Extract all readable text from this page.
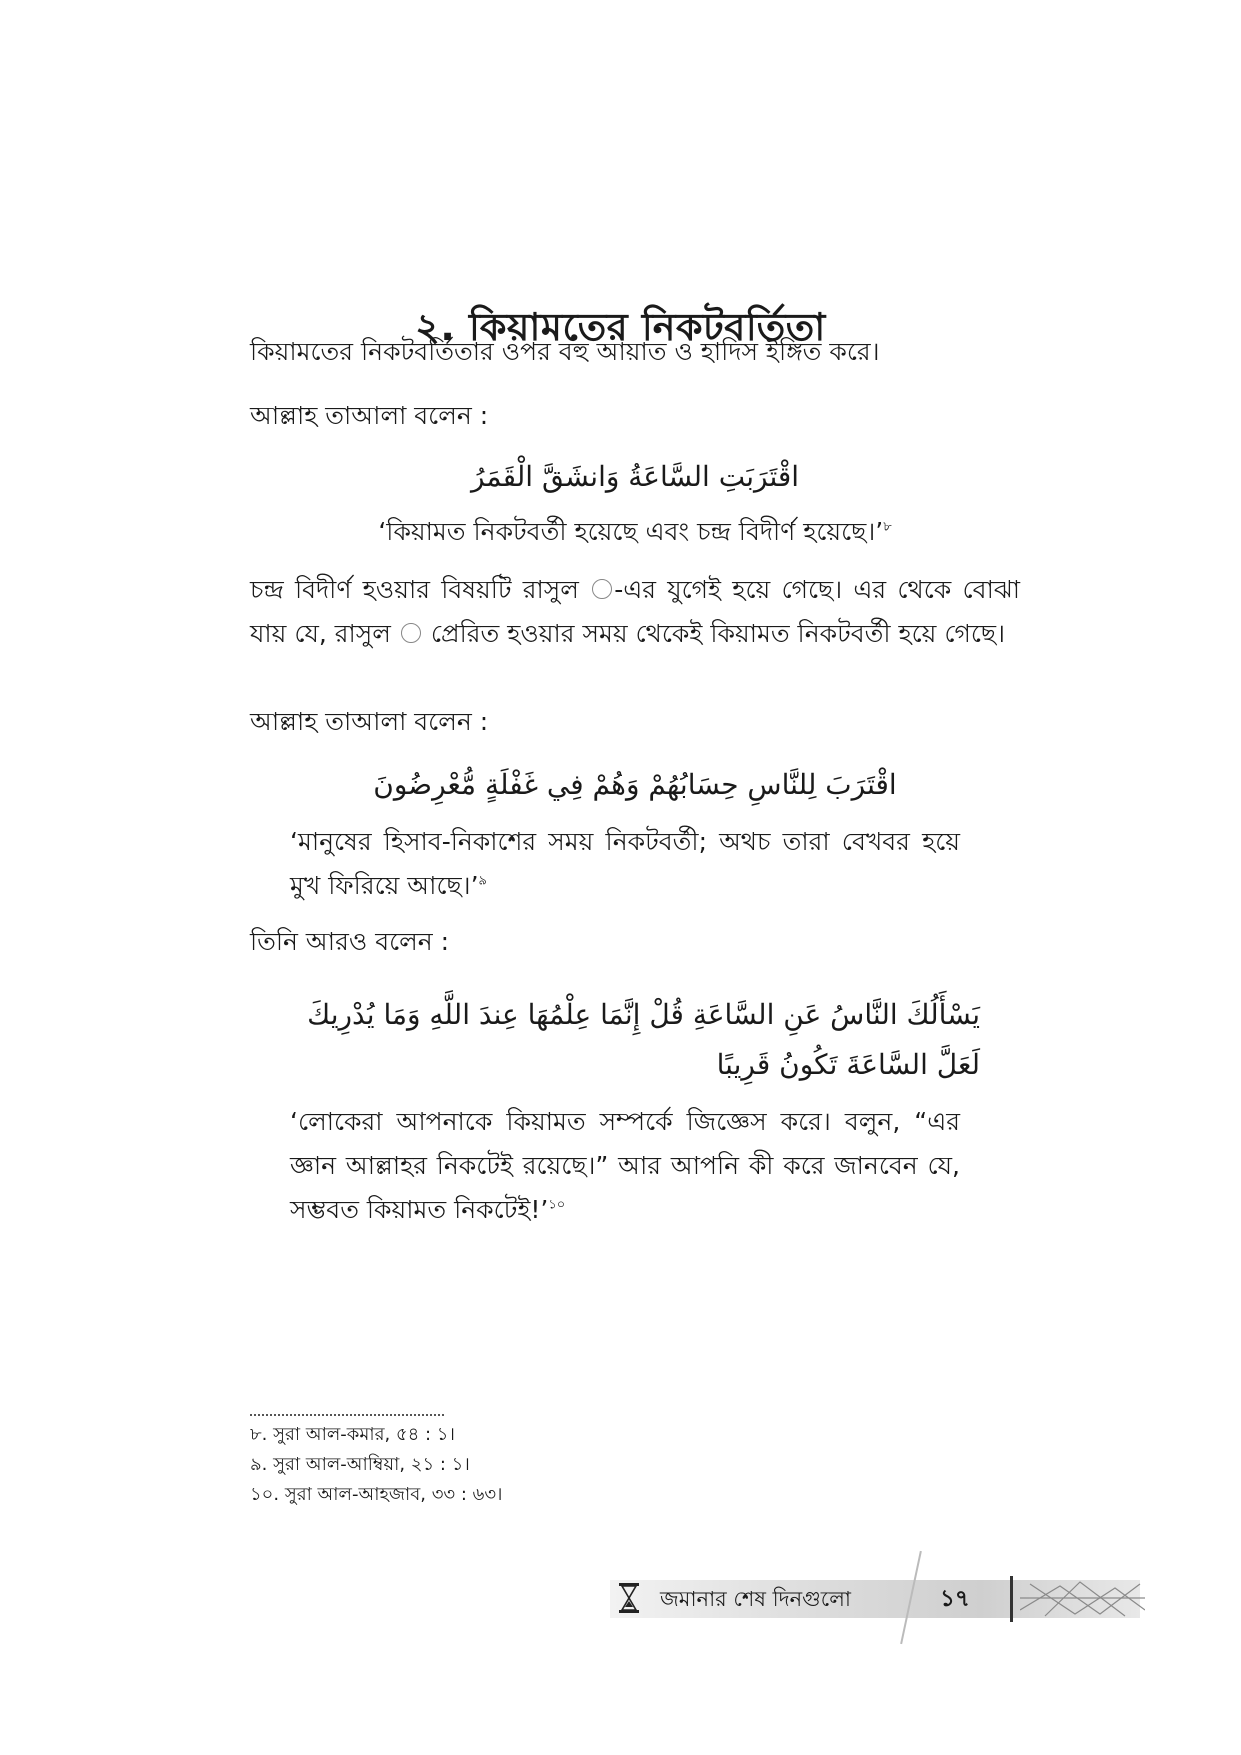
২. কিয়ামতের নিকটবর্তিতা

কিয়ামতের নিকটবর্তিতার ওপর বহু আয়াত ও হাদিস ইঙ্গিত করে।

আল্লাহ তাআলা বলেন :

اقْتَرَبَتِ السَّاعَةُ وَانشَقَّ الْقَمَرُ

‘কিয়ামত নিকটবর্তী হয়েছে এবং চন্দ্র বিদীর্ণ হয়েছে।’$^৮$

চন্দ্র বিদীর্ণ হওয়ার বিষয়টি রাসুল -এর যুগেই হয়ে গেছে। এর থেকে বোঝা যায় যে, রাসুল প্রেরিত হওয়ার সময় থেকেই কিয়ামত নিকটবর্তী হয়ে গেছে।

আল্লাহ তাআলা বলেন :

اقْتَرَبَ لِلنَّاسِ حِسَابُهُمْ وَهُمْ فِي غَفْلَةٍ مُّعْرِضُونَ

‘মানুষের হিসাব-নিকাশের সময় নিকটবর্তী; অথচ তারা বেখবর হয়ে মুখ ফিরিয়ে আছে।’$^৯$

তিনি আরও বলেন :

يَسْأَلُكَ النَّاسُ عَنِ السَّاعَةِ قُلْ إِنَّمَا عِلْمُهَا عِندَ اللَّهِ وَمَا يُدْرِيكَ لَعَلَّ السَّاعَةَ تَكُونُ قَرِيبًا

‘লোকেরা আপনাকে কিয়ামত সম্পর্কে জিজ্ঞেস করে। বলুন, “এর জ্ঞান আল্লাহর নিকটেই রয়েছে।” আর আপনি কী করে জানবেন যে, সম্ভবত কিয়ামত নিকটেই!’$^{১০}$

৮. সুরা আল-কমার, ৫৪ : ১।

৯. সুরা আল-আম্বিয়া, ২১ : ১।

১০. সুরা আল-আহজাব, ৩৩ : ৬৩।

জমানার শেষ দিনগুলো	১৭
